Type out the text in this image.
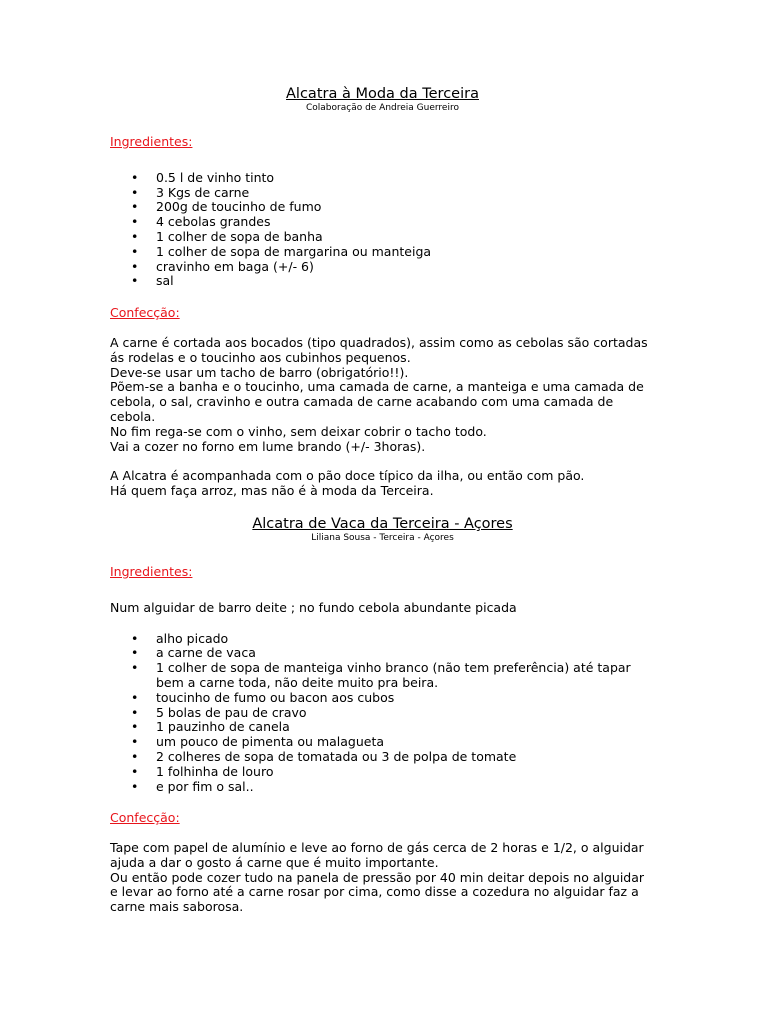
Alcatra à Moda da Terceira

Colaboração de Andreia Guerreiro

Ingredientes:

• 0.5 l de vinho tinto
• 3 Kgs de carne
• 200g de toucinho de fumo
• 4 cebolas grandes
• 1 colher de sopa de banha
• 1 colher de sopa de margarina ou manteiga
• cravinho em baga (+/- 6)
• sal

Confecção:

A carne é cortada aos bocados (tipo quadrados), assim como as cebolas são cortadas ás rodelas e o toucinho aos cubinhos pequenos.

Deve-se usar um tacho de barro (obrigatório!!).

Põem-se a banha e o toucinho, uma camada de carne, a manteiga e uma camada de cebola, o sal, cravinho e outra camada de carne acabando com uma camada de cebola.

No fim rega-se com o vinho, sem deixar cobrir o tacho todo.

Vai a cozer no forno em lume brando (+/- 3horas).

A Alcatra é acompanhada com o pão doce típico da ilha, ou então com pão.

Há quem faça arroz, mas não é à moda da Terceira.

Alcatra de Vaca da Terceira - Açores

Liliana Sousa - Terceira - Açores

Ingredientes:

Num alguidar de barro deite ; no fundo cebola abundante picada

• alho picado
• a carne de vaca
• 1 colher de sopa de manteiga vinho branco (não tem preferência) até tapar bem a carne toda, não deite muito pra beira.
• toucinho de fumo ou bacon aos cubos
• 5 bolas de pau de cravo
• 1 pauzinho de canela
• um pouco de pimenta ou malagueta
• 2 colheres de sopa de tomatada ou 3 de polpa de tomate
• 1 folhinha de louro
• e por fim o sal..

Confecção:

Tape com papel de alumínio e leve ao forno de gás cerca de 2 horas e 1/2, o alguidar ajuda a dar o gosto á carne que é muito importante.

Ou então pode cozer tudo na panela de pressão por 40 min deitar depois no alguidar e levar ao forno até a carne rosar por cima, como disse a cozedura no alguidar faz a carne mais saborosa.
